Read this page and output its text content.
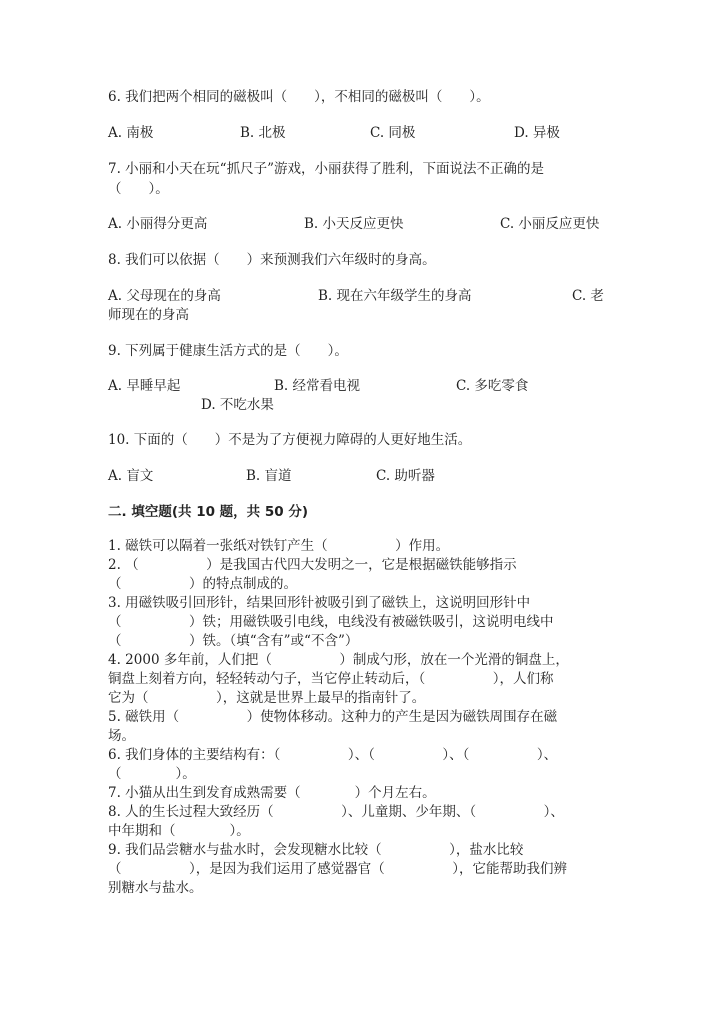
6. 我们把两个相同的磁极叫（　　），不相同的磁极叫（　　）。
A. 南极	B. 北极	C. 同极	D. 异极
7. 小丽和小天在玩“抓尺子”游戏，小丽获得了胜利，下面说法不正确的是
（　　）。
A. 小丽得分更高	B. 小天反应更快	C. 小丽反应更快
8. 我们可以依据（　　）来预测我们六年级时的身高。
A. 父母现在的身高	B. 现在六年级学生的身高	C. 老
师现在的身高
9. 下列属于健康生活方式的是（　　）。
A. 早睡早起	B. 经常看电视	C. 多吃零食
D. 不吃水果
10. 下面的（　　）不是为了方便视力障碍的人更好地生活。
A. 盲文	B. 盲道	C. 助听器
二. 填空题(共 10 题，共 50 分)
1. 磁铁可以隔着一张纸对铁钉产生（　　　　　）作用。
2. （　　　　　）是我国古代四大发明之一，它是根据磁铁能够指示
（　　　　　）的特点制成的。
3. 用磁铁吸引回形针，结果回形针被吸引到了磁铁上，这说明回形针中
（　　　　　）铁；用磁铁吸引电线，电线没有被磁铁吸引，这说明电线中
（　　　　　）铁。（填“含有”或“不含”）
4. 2000 多年前，人们把（　　　　　）制成勺形，放在一个光滑的铜盘上，
铜盘上刻着方向，轻轻转动勺子，当它停止转动后，（　　　　　），人们称
它为（　　　　　），这就是世界上最早的指南针了。
5. 磁铁用（　　　　　）使物体移动。这种力的产生是因为磁铁周围存在磁
场。
6. 我们身体的主要结构有：（　　　　　）、（　　　　　）、（　　　　　）、
（　　　　）。
7. 小猫从出生到发育成熟需要（　　　　）个月左右。
8. 人的生长过程大致经历（　　　　　）、儿童期、少年期、（　　　　　）、
中年期和（　　　　）。
9. 我们品尝糖水与盐水时，会发现糖水比较（　　　　　），盐水比较
（　　　　　），是因为我们运用了感觉器官（　　　　　），它能帮助我们辨
别糖水与盐水。
